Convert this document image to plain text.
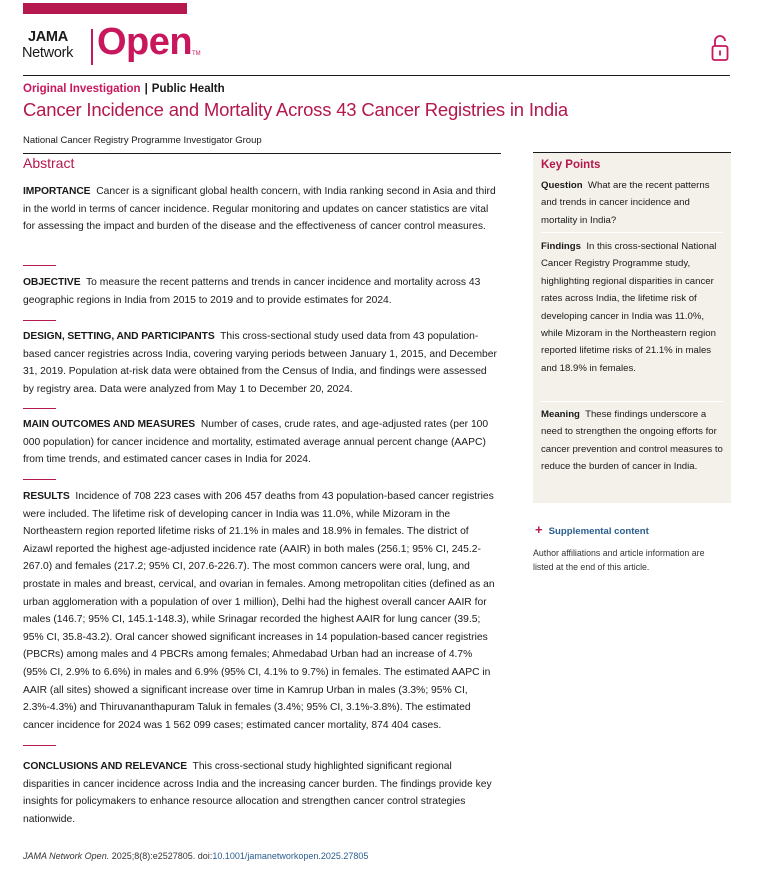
JAMA
Network Open TM
Original Investigation | Public Health
Cancer Incidence and Mortality Across 43 Cancer Registries in India
National Cancer Registry Programme Investigator Group
Abstract
IMPORTANCE Cancer is a significant global health concern, with India ranking second in Asia and third in the world in terms of cancer incidence. Regular monitoring and updates on cancer statistics are vital for assessing the impact and burden of the disease and the effectiveness of cancer control measures.
OBJECTIVE To measure the recent patterns and trends in cancer incidence and mortality across 43 geographic regions in India from 2015 to 2019 and to provide estimates for 2024.
DESIGN, SETTING, AND PARTICIPANTS This cross-sectional study used data from 43 population-based cancer registries across India, covering varying periods between January 1, 2015, and December 31, 2019. Population at-risk data were obtained from the Census of India, and findings were assessed by registry area. Data were analyzed from May 1 to December 20, 2024.
MAIN OUTCOMES AND MEASURES Number of cases, crude rates, and age-adjusted rates (per 100 000 population) for cancer incidence and mortality, estimated average annual percent change (AAPC) from time trends, and estimated cancer cases in India for 2024.
RESULTS Incidence of 708 223 cases with 206 457 deaths from 43 population-based cancer registries were included. The lifetime risk of developing cancer in India was 11.0%, while Mizoram in the Northeastern region reported lifetime risks of 21.1% in males and 18.9% in females. The district of Aizawl reported the highest age-adjusted incidence rate (AAIR) in both males (256.1; 95% CI, 245.2-267.0) and females (217.2; 95% CI, 207.6-226.7). The most common cancers were oral, lung, and prostate in males and breast, cervical, and ovarian in females. Among metropolitan cities (defined as an urban agglomeration with a population of over 1 million), Delhi had the highest overall cancer AAIR for males (146.7; 95% CI, 145.1-148.3), while Srinagar recorded the highest AAIR for lung cancer (39.5; 95% CI, 35.8-43.2). Oral cancer showed significant increases in 14 population-based cancer registries (PBCRs) among males and 4 PBCRs among females; Ahmedabad Urban had an increase of 4.7% (95% CI, 2.9% to 6.6%) in males and 6.9% (95% CI, 4.1% to 9.7%) in females. The estimated AAPC in AAIR (all sites) showed a significant increase over time in Kamrup Urban in males (3.3%; 95% CI, 2.3%-4.3%) and Thiruvananthapuram Taluk in females (3.4%; 95% CI, 3.1%-3.8%). The estimated cancer incidence for 2024 was 1 562 099 cases; estimated cancer mortality, 874 404 cases.
CONCLUSIONS AND RELEVANCE This cross-sectional study highlighted significant regional disparities in cancer incidence across India and the increasing cancer burden. The findings provide key insights for policymakers to enhance resource allocation and strengthen cancer control strategies nationwide.
Key Points
Question What are the recent patterns and trends in cancer incidence and mortality in India?
Findings In this cross-sectional National Cancer Registry Programme study, highlighting regional disparities in cancer rates across India, the lifetime risk of developing cancer in India was 11.0%, while Mizoram in the Northeastern region reported lifetime risks of 21.1% in males and 18.9% in females.
Meaning These findings underscore a need to strengthen the ongoing efforts for cancer prevention and control measures to reduce the burden of cancer in India.
+ Supplemental content
Author affiliations and article information are listed at the end of this article.
JAMA Network Open. 2025;8(8):e2527805. doi:10.1001/jamanetworkopen.2025.27805
